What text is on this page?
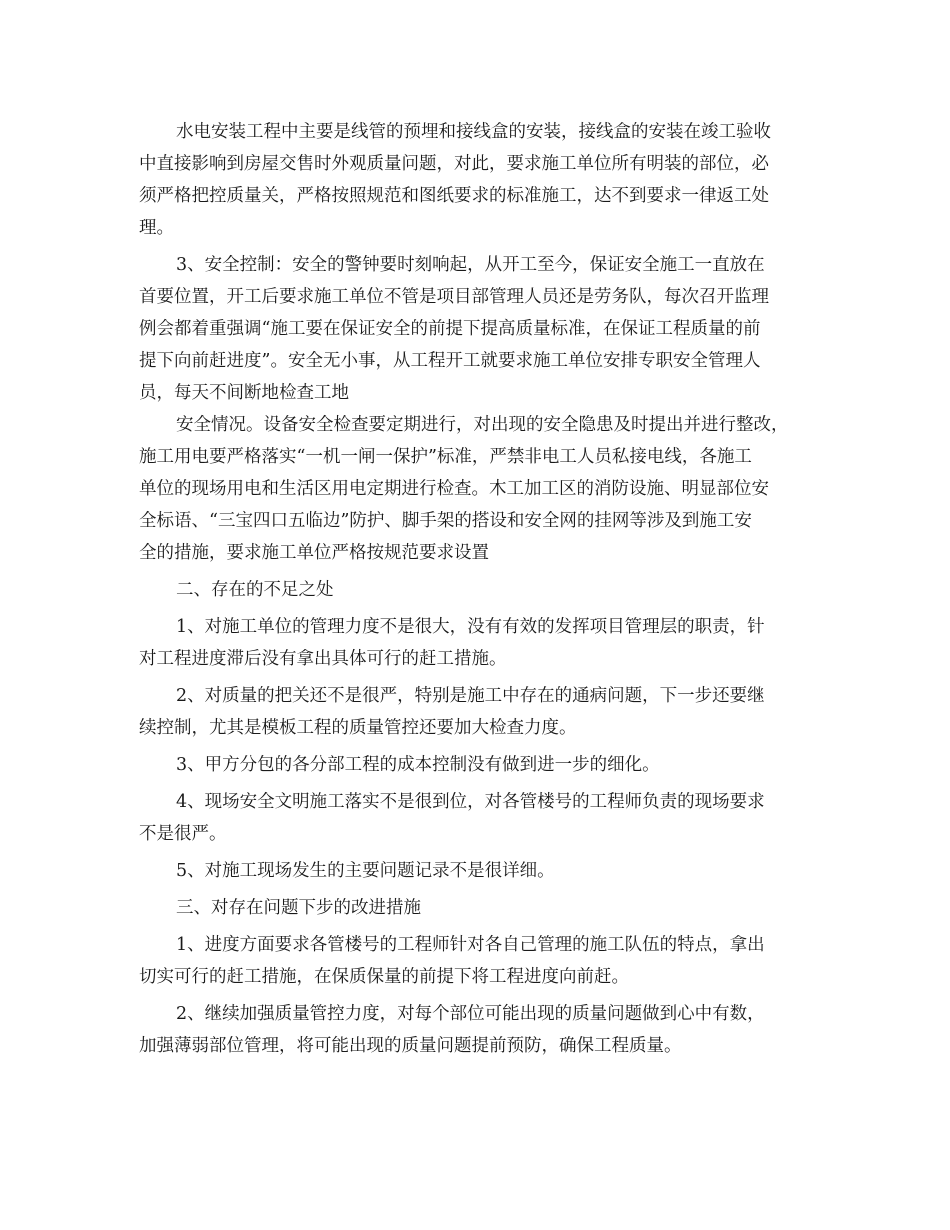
水电安装工程中主要是线管的预埋和接线盒的安装，接线盒的安装在竣工验收
中直接影响到房屋交售时外观质量问题，对此，要求施工单位所有明装的部位，必
须严格把控质量关，严格按照规范和图纸要求的标准施工，达不到要求一律返工处
理。
3、安全控制：安全的警钟要时刻响起，从开工至今，保证安全施工一直放在
首要位置，开工后要求施工单位不管是项目部管理人员还是劳务队，每次召开监理
例会都着重强调“施工要在保证安全的前提下提高质量标准，在保证工程质量的前
提下向前赶进度”。安全无小事，从工程开工就要求施工单位安排专职安全管理人
员，每天不间断地检查工地
安全情况。设备安全检查要定期进行，对出现的安全隐患及时提出并进行整改，
施工用电要严格落实“一机一闸一保护”标准，严禁非电工人员私接电线，各施工
单位的现场用电和生活区用电定期进行检查。木工加工区的消防设施、明显部位安
全标语、“三宝四口五临边”防护、脚手架的搭设和安全网的挂网等涉及到施工安
全的措施，要求施工单位严格按规范要求设置
二、存在的不足之处
1、对施工单位的管理力度不是很大，没有有效的发挥项目管理层的职责，针
对工程进度滞后没有拿出具体可行的赶工措施。
2、对质量的把关还不是很严，特别是施工中存在的通病问题，下一步还要继
续控制，尤其是模板工程的质量管控还要加大检查力度。
3、甲方分包的各分部工程的成本控制没有做到进一步的细化。
4、现场安全文明施工落实不是很到位，对各管楼号的工程师负责的现场要求
不是很严。
5、对施工现场发生的主要问题记录不是很详细。
三、对存在问题下步的改进措施
1、进度方面要求各管楼号的工程师针对各自己管理的施工队伍的特点，拿出
切实可行的赶工措施，在保质保量的前提下将工程进度向前赶。
2、继续加强质量管控力度，对每个部位可能出现的质量问题做到心中有数，
加强薄弱部位管理，将可能出现的质量问题提前预防，确保工程质量。
